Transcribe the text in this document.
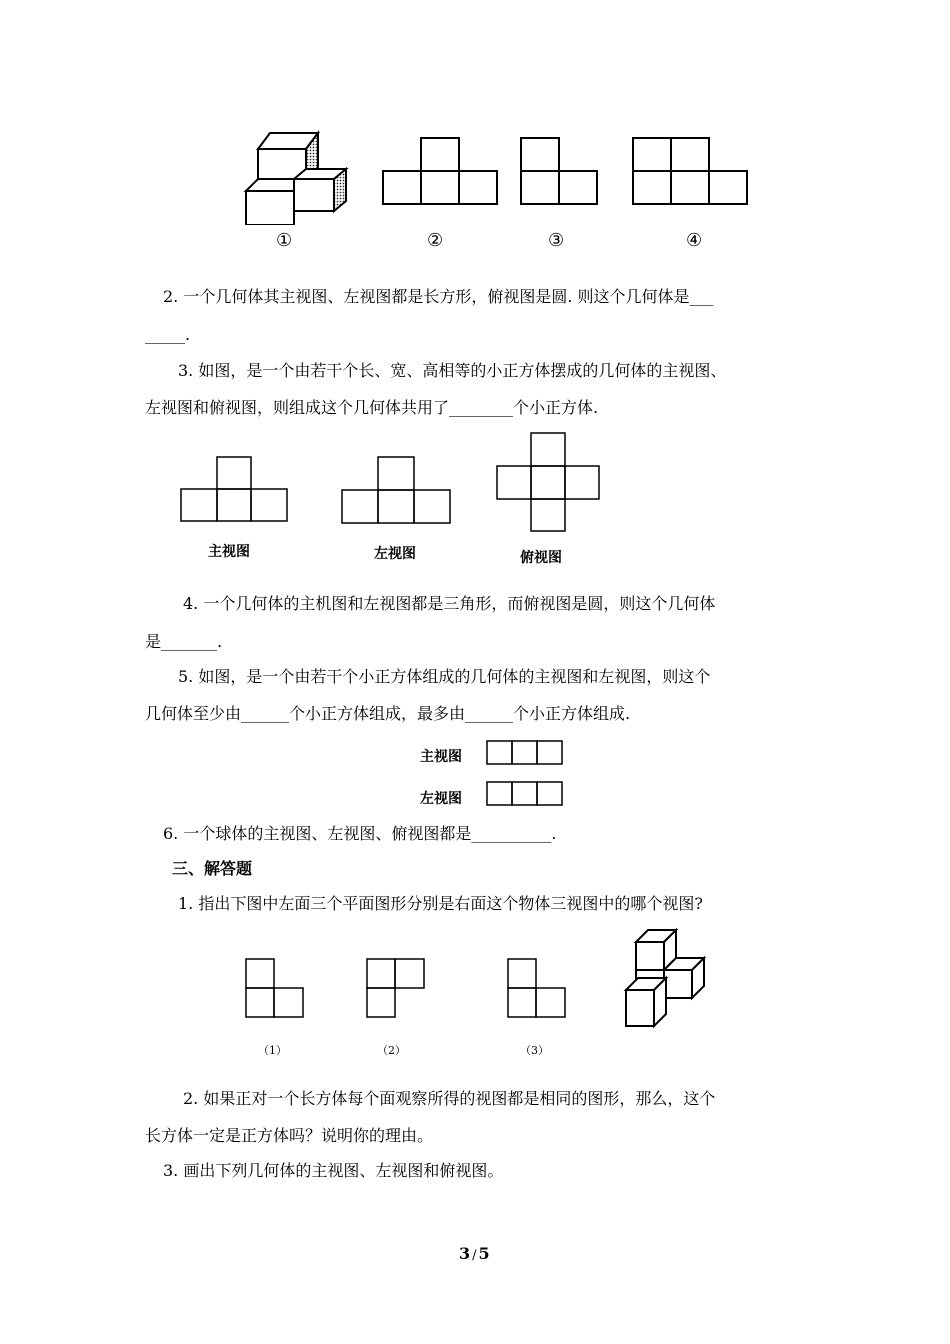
①	②	③	④
2. 一个几何体其主视图、左视图都是长方形，俯视图是圆. 则这个几何体是___
_____.
3. 如图，是一个由若干个长、宽、高相等的小正方体摆成的几何体的主视图、
左视图和俯视图，则组成这个几何体共用了________个小正方体.
主视图	左视图	俯视图
4. 一个几何体的主机图和左视图都是三角形，而俯视图是圆，则这个几何体
是_______.
5. 如图，是一个由若干个小正方体组成的几何体的主视图和左视图，则这个
几何体至少由______个小正方体组成，最多由______个小正方体组成.
主视图
左视图
6. 一个球体的主视图、左视图、俯视图都是__________.
三、解答题
1. 指出下图中左面三个平面图形分别是右面这个物体三视图中的哪个视图?
（1）	（2）	（3）
2. 如果正对一个长方体每个面观察所得的视图都是相同的图形，那么，这个
长方体一定是正方体吗？说明你的理由。
3. 画出下列几何体的主视图、左视图和俯视图。
3 / 5
